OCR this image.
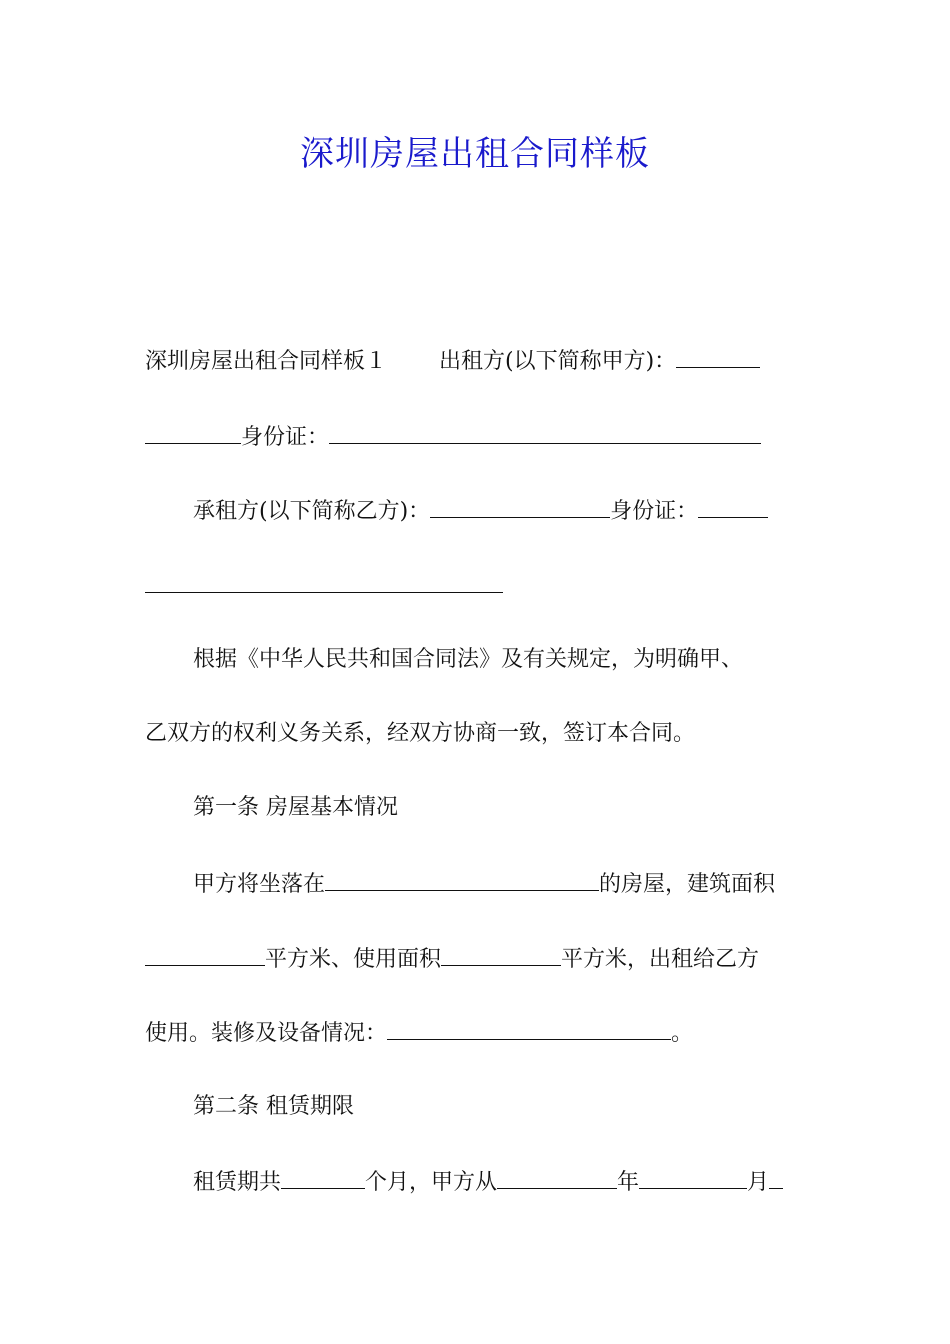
深圳房屋出租合同样板
深圳房屋出租合同样板１ 出租方(以下简称甲方)：
身份证：
承租方(以下简称乙方)：	身份证：
根据《中华人民共和国合同法》及有关规定，为明确甲、
乙双方的权利义务关系，经双方协商一致，签订本合同。
第一条 房屋基本情况
甲方将坐落在	的房屋，建筑面积
平方米、使用面积	平方米，出租给乙方
使用。装修及设备情况：	。
第二条 租赁期限
租赁期共	个月，甲方从	年	月
